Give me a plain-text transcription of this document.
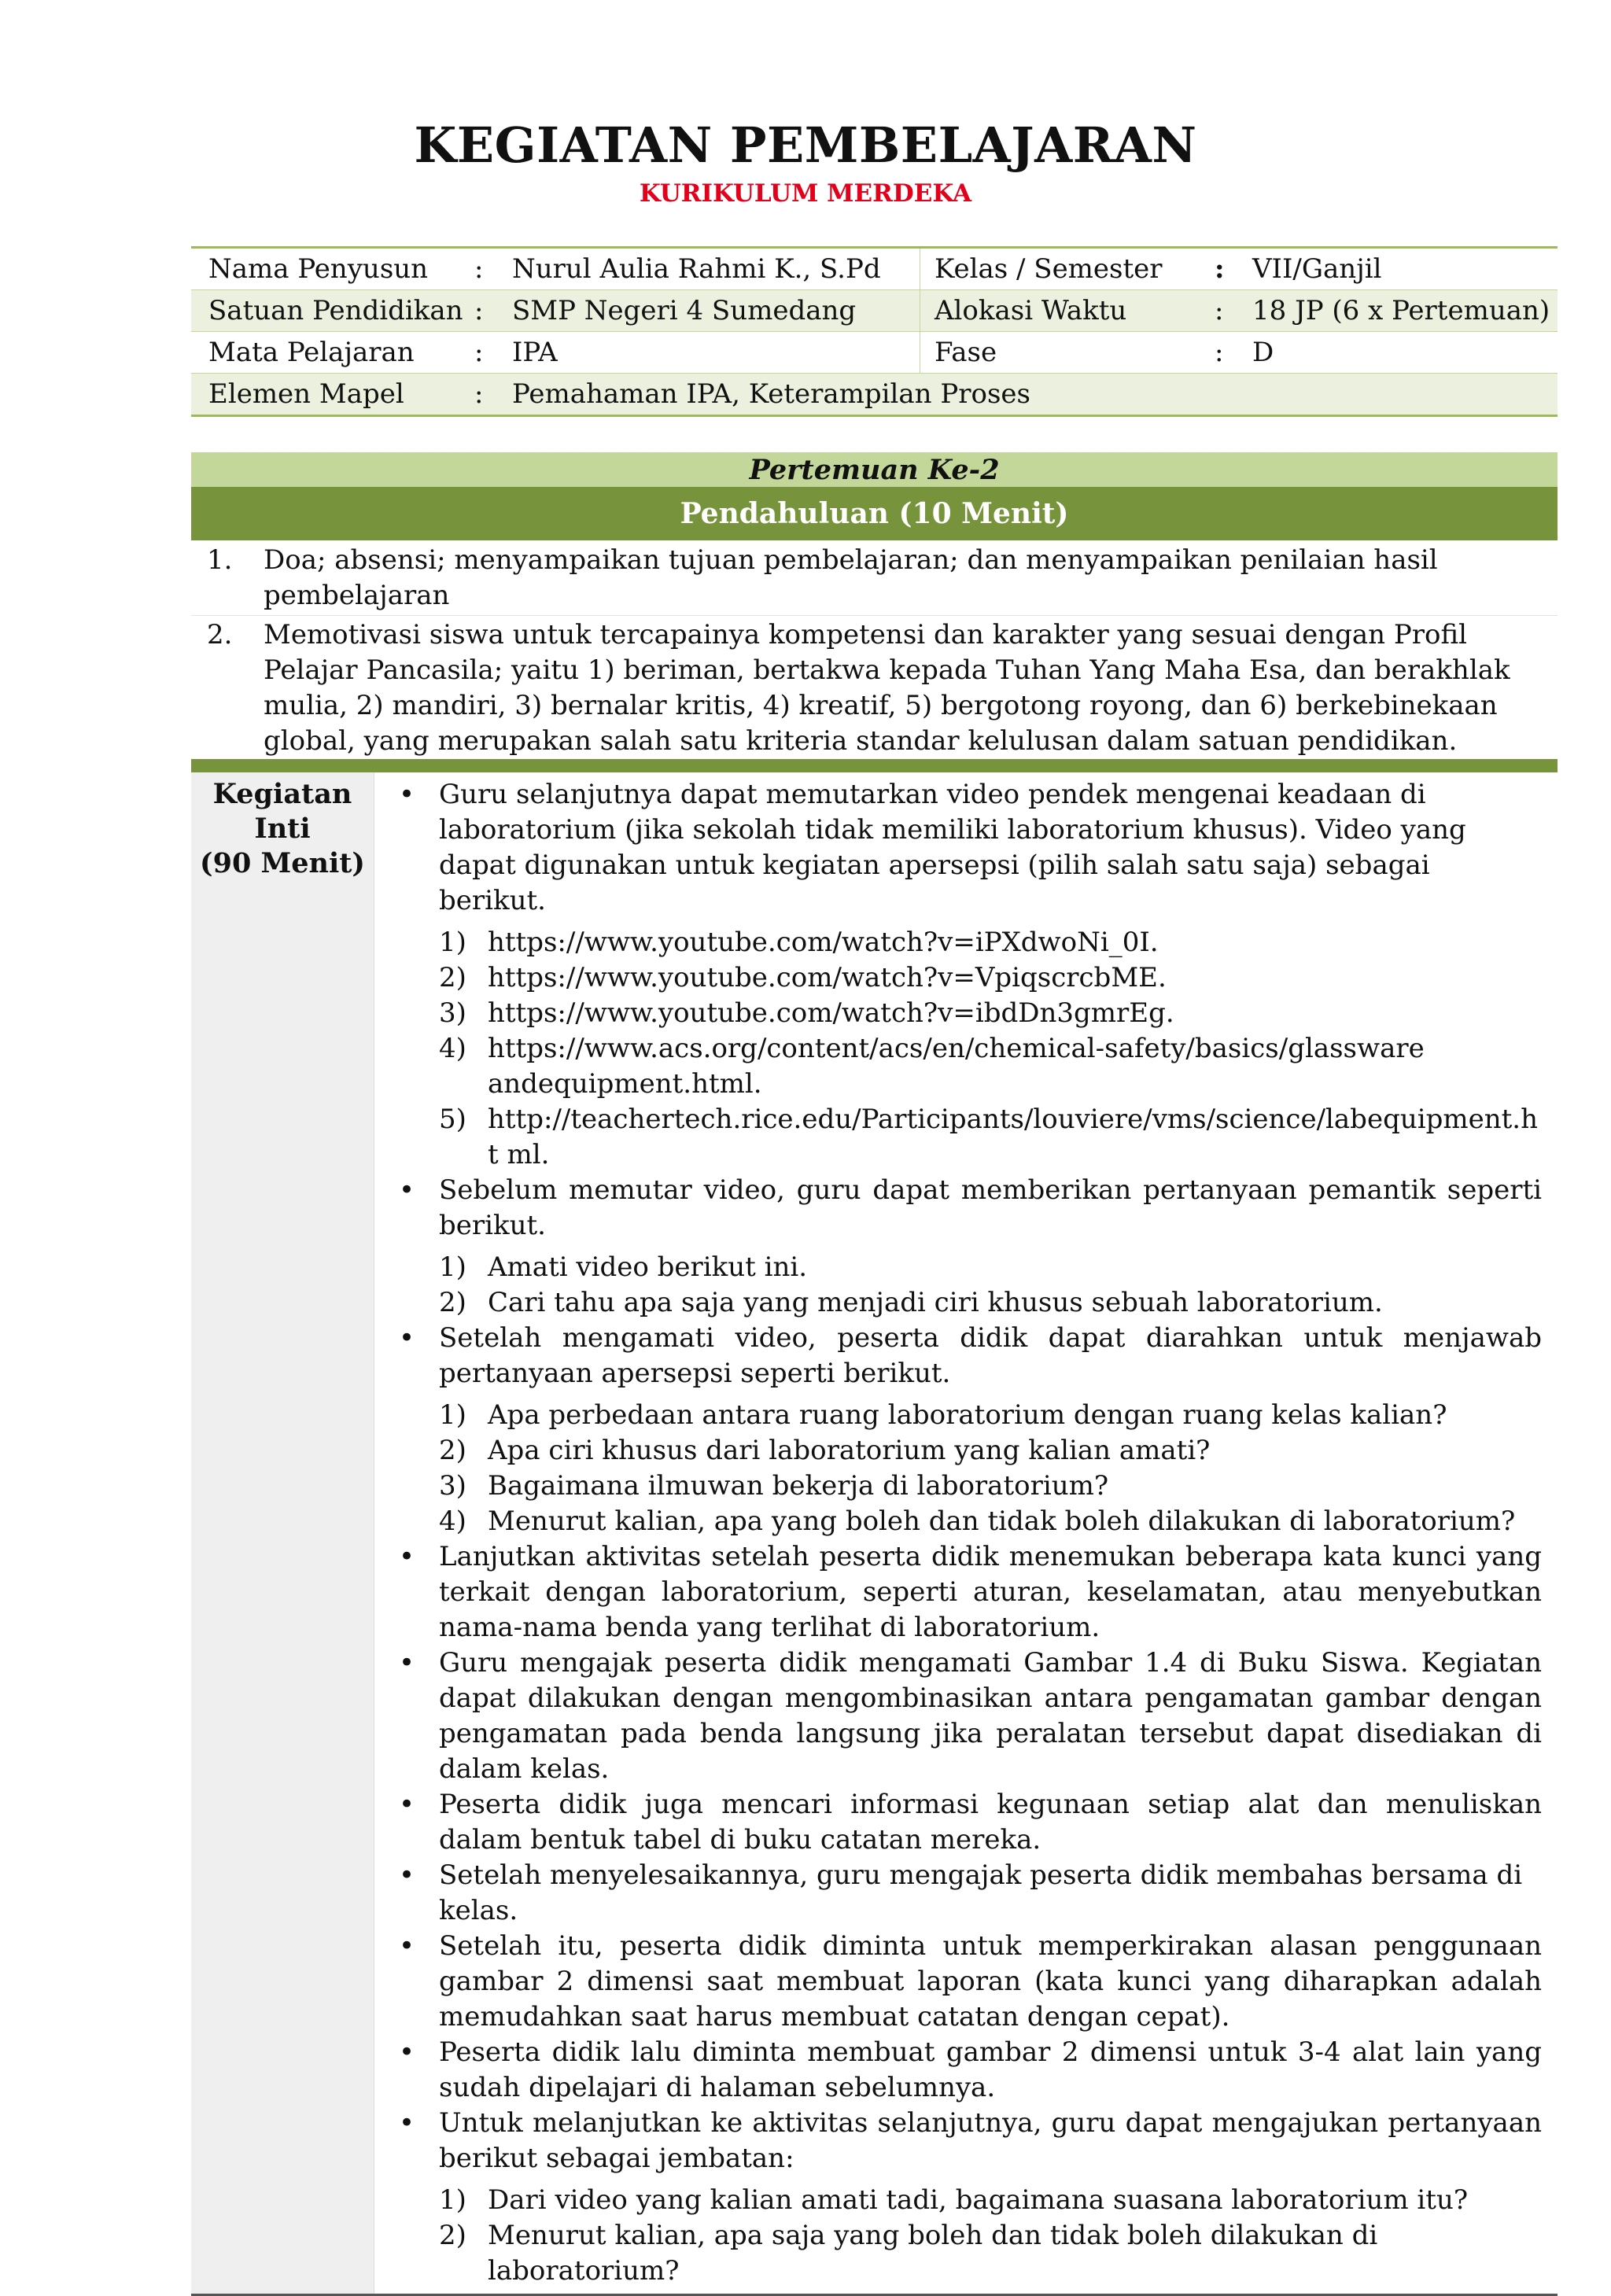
KEGIATAN PEMBELAJARAN
KURIKULUM MERDEKA
Nama Penyusun	:	Nurul Aulia Rahmi K., S.Pd	Kelas / Semester	:	VII/Ganjil
Satuan Pendidikan	:	SMP Negeri 4 Sumedang	Alokasi Waktu	:	18 JP (6 x Pertemuan)
Mata Pelajaran	:	IPA	Fase	:	D
Elemen Mapel	:	Pemahaman IPA, Keterampilan Proses			
Pertemuan Ke-2
Pendahuluan (10 Menit)
1.	Doa; absensi; menyampaikan tujuan pembelajaran; dan menyampaikan penilaian hasil pembelajaran
2.	Memotivasi siswa untuk tercapainya kompetensi dan karakter yang sesuai dengan Profil Pelajar Pancasila; yaitu 1) beriman, bertakwa kepada Tuhan Yang Maha Esa, dan berakhlak mulia, 2) mandiri, 3) bernalar kritis, 4) kreatif, 5) bergotong royong, dan 6) berkebinekaan global, yang merupakan salah satu kriteria standar kelulusan dalam satuan pendidikan.
Kegiatan
Inti
(90 Menit)
• Guru selanjutnya dapat memutarkan video pendek mengenai keadaan di laboratorium (jika sekolah tidak memiliki laboratorium khusus). Video yang dapat digunakan untuk kegiatan apersepsi (pilih salah satu saja) sebagai berikut.
1) https://www.youtube.com/watch?v=iPXdwoNi_0I.
2) https://www.youtube.com/watch?v=VpiqscrcbME.
3) https://www.youtube.com/watch?v=ibdDn3gmrEg.
4) https://www.acs.org/content/acs/en/chemical-safety/basics/glassware andequipment.html.
5) http://teachertech.rice.edu/Participants/louviere/vms/science/labequipment.ht ml.
• Sebelum memutar video, guru dapat memberikan pertanyaan pemantik seperti berikut.
1) Amati video berikut ini.
2) Cari tahu apa saja yang menjadi ciri khusus sebuah laboratorium.
• Setelah mengamati video, peserta didik dapat diarahkan untuk menjawab pertanyaan apersepsi seperti berikut.
1) Apa perbedaan antara ruang laboratorium dengan ruang kelas kalian?
2) Apa ciri khusus dari laboratorium yang kalian amati?
3) Bagaimana ilmuwan bekerja di laboratorium?
4) Menurut kalian, apa yang boleh dan tidak boleh dilakukan di laboratorium?
• Lanjutkan aktivitas setelah peserta didik menemukan beberapa kata kunci yang terkait dengan laboratorium, seperti aturan, keselamatan, atau menyebutkan nama-nama benda yang terlihat di laboratorium.
• Guru mengajak peserta didik mengamati Gambar 1.4 di Buku Siswa. Kegiatan dapat dilakukan dengan mengombinasikan antara pengamatan gambar dengan pengamatan pada benda langsung jika peralatan tersebut dapat disediakan di dalam kelas.
• Peserta didik juga mencari informasi kegunaan setiap alat dan menuliskan dalam bentuk tabel di buku catatan mereka.
• Setelah menyelesaikannya, guru mengajak peserta didik membahas bersama di kelas.
• Setelah itu, peserta didik diminta untuk memperkirakan alasan penggunaan gambar 2 dimensi saat membuat laporan (kata kunci yang diharapkan adalah memudahkan saat harus membuat catatan dengan cepat).
• Peserta didik lalu diminta membuat gambar 2 dimensi untuk 3-4 alat lain yang sudah dipelajari di halaman sebelumnya.
• Untuk melanjutkan ke aktivitas selanjutnya, guru dapat mengajukan pertanyaan berikut sebagai jembatan:
1) Dari video yang kalian amati tadi, bagaimana suasana laboratorium itu?
2) Menurut kalian, apa saja yang boleh dan tidak boleh dilakukan di laboratorium?
